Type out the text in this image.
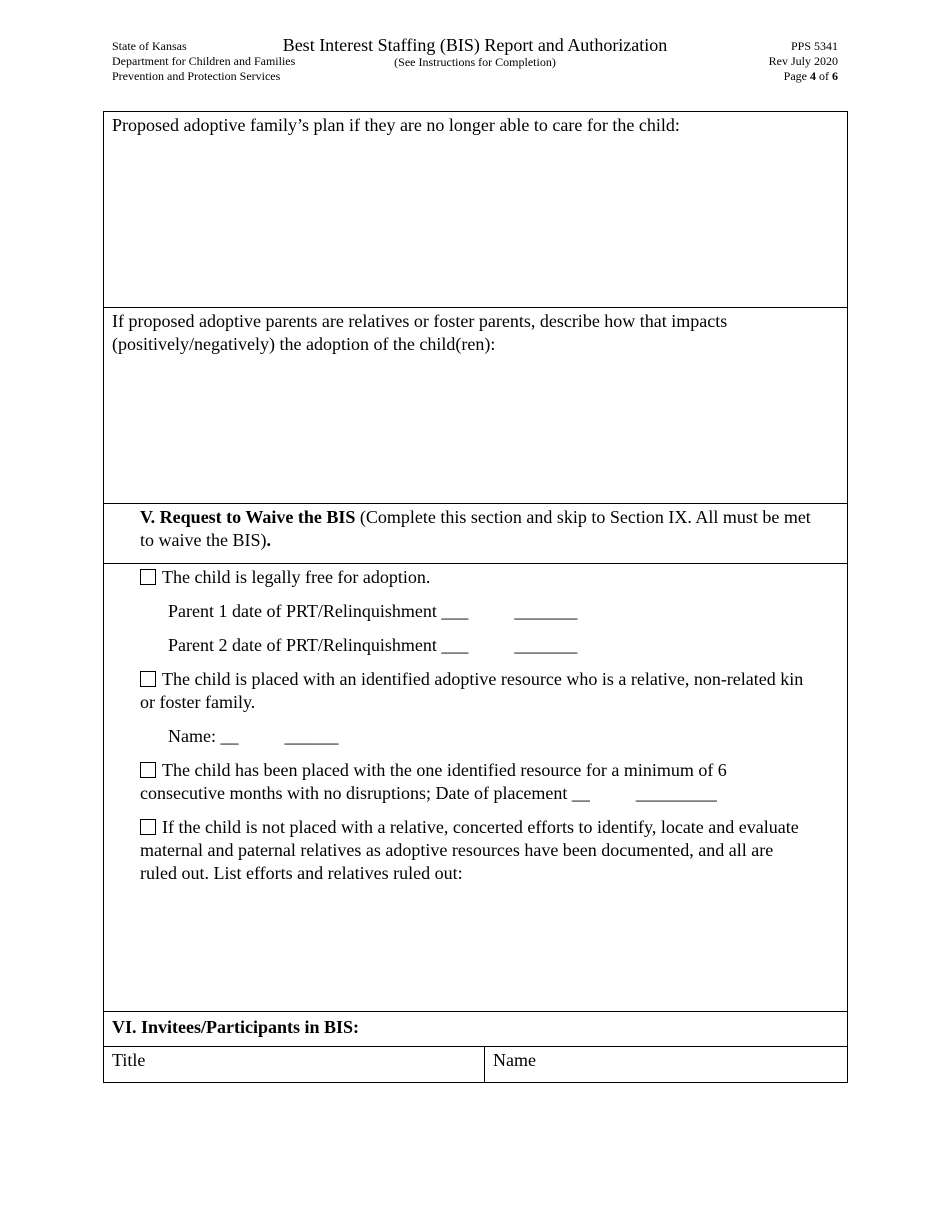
State of Kansas
Department for Children and Families
Prevention and Protection Services
Best Interest Staffing (BIS) Report and Authorization
(See Instructions for Completion)
PPS 5341
Rev July 2020
Page 4 of 6
Proposed adoptive family’s plan if they are no longer able to care for the child:
If proposed adoptive parents are relatives or foster parents, describe how that impacts (positively/negatively) the adoption of the child(ren):
V. Request to Waive the BIS (Complete this section and skip to Section IX. All must be met to waive the BIS).

The child is legally free for adoption.

Parent 1 date of PRT/Relinquishment ___	_______

Parent 2 date of PRT/Relinquishment ___	_______

The child is placed with an identified adoptive resource who is a relative, non-related kin or foster family.

Name: __	______

The child has been placed with the one identified resource for a minimum of 6 consecutive months with no disruptions; Date of placement __	_________

If the child is not placed with a relative, concerted efforts to identify, locate and evaluate maternal and paternal relatives as adoptive resources have been documented, and all are ruled out. List efforts and relatives ruled out:

VI. Invitees/Participants in BIS:
Title	Name
